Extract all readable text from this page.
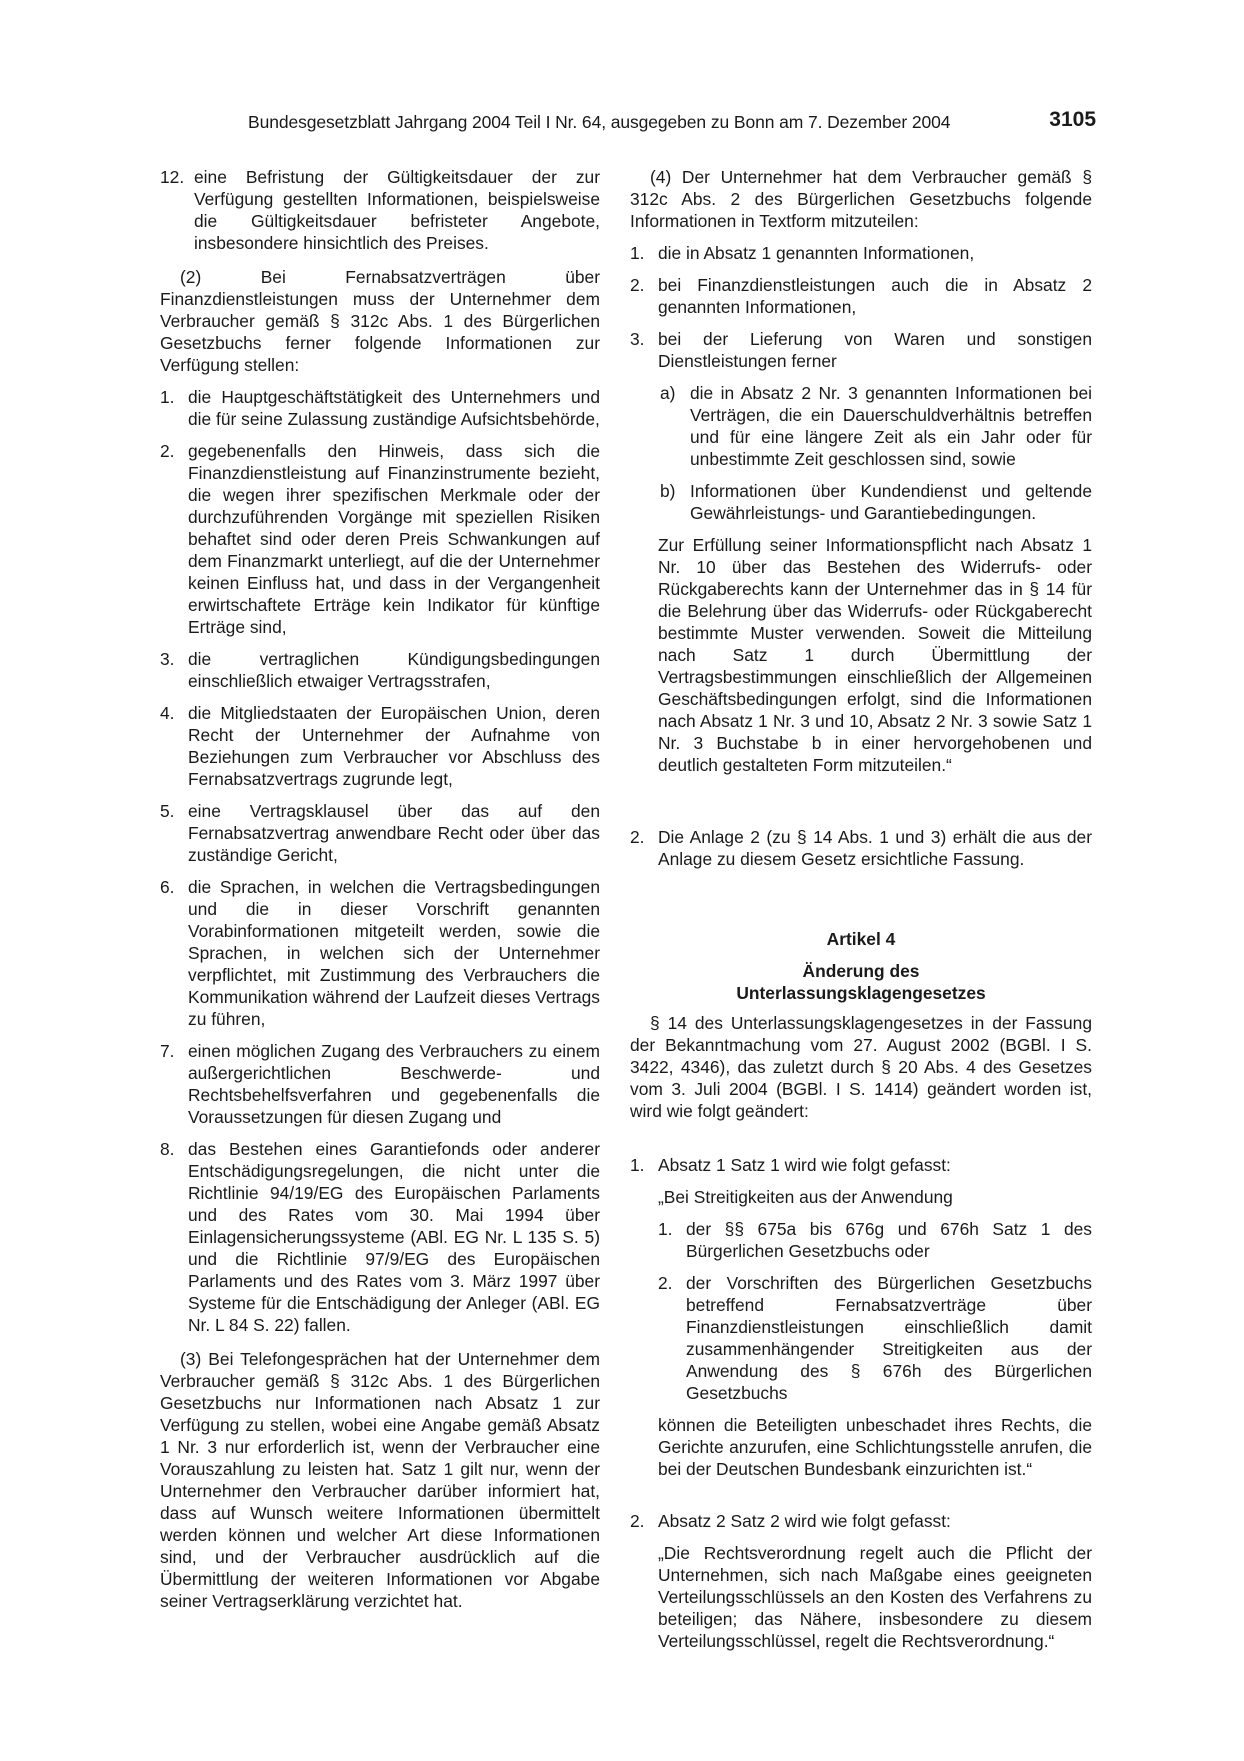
Bundesgesetzblatt Jahrgang 2004 Teil I Nr. 64, ausgegeben zu Bonn am 7. Dezember 2004	3105
12. eine Befristung der Gültigkeitsdauer der zur Verfügung gestellten Informationen, beispielsweise die Gültigkeitsdauer befristeter Angebote, insbesondere hinsichtlich des Preises.

(2) Bei Fernabsatzverträgen über Finanzdienstleistungen muss der Unternehmer dem Verbraucher gemäß § 312c Abs. 1 des Bürgerlichen Gesetzbuchs ferner folgende Informationen zur Verfügung stellen:

1. die Hauptgeschäftstätigkeit des Unternehmers und die für seine Zulassung zuständige Aufsichtsbehörde,

2. gegebenenfalls den Hinweis, dass sich die Finanzdienstleistung auf Finanzinstrumente bezieht, die wegen ihrer spezifischen Merkmale oder der durchzuführenden Vorgänge mit speziellen Risiken behaftet sind oder deren Preis Schwankungen auf dem Finanzmarkt unterliegt, auf die der Unternehmer keinen Einfluss hat, und dass in der Vergangenheit erwirtschaftete Erträge kein Indikator für künftige Erträge sind,

3. die vertraglichen Kündigungsbedingungen einschließlich etwaiger Vertragsstrafen,

4. die Mitgliedstaaten der Europäischen Union, deren Recht der Unternehmer der Aufnahme von Beziehungen zum Verbraucher vor Abschluss des Fernabsatzvertrags zugrunde legt,

5. eine Vertragsklausel über das auf den Fernabsatzvertrag anwendbare Recht oder über das zuständige Gericht,

6. die Sprachen, in welchen die Vertragsbedingungen und die in dieser Vorschrift genannten Vorabinformationen mitgeteilt werden, sowie die Sprachen, in welchen sich der Unternehmer verpflichtet, mit Zustimmung des Verbrauchers die Kommunikation während der Laufzeit dieses Vertrags zu führen,

7. einen möglichen Zugang des Verbrauchers zu einem außergerichtlichen Beschwerde- und Rechtsbehelfsverfahren und gegebenenfalls die Voraussetzungen für diesen Zugang und

8. das Bestehen eines Garantiefonds oder anderer Entschädigungsregelungen, die nicht unter die Richtlinie 94/19/EG des Europäischen Parlaments und des Rates vom 30. Mai 1994 über Einlagensicherungssysteme (ABl. EG Nr. L 135 S. 5) und die Richtlinie 97/9/EG des Europäischen Parlaments und des Rates vom 3. März 1997 über Systeme für die Entschädigung der Anleger (ABl. EG Nr. L 84 S. 22) fallen.

(3) Bei Telefongesprächen hat der Unternehmer dem Verbraucher gemäß § 312c Abs. 1 des Bürgerlichen Gesetzbuchs nur Informationen nach Absatz 1 zur Verfügung zu stellen, wobei eine Angabe gemäß Absatz 1 Nr. 3 nur erforderlich ist, wenn der Verbraucher eine Vorauszahlung zu leisten hat. Satz 1 gilt nur, wenn der Unternehmer den Verbraucher darüber informiert hat, dass auf Wunsch weitere Informationen übermittelt werden können und welcher Art diese Informationen sind, und der Verbraucher ausdrücklich auf die Übermittlung der weiteren Informationen vor Abgabe seiner Vertragserklärung verzichtet hat.

(4) Der Unternehmer hat dem Verbraucher gemäß § 312c Abs. 2 des Bürgerlichen Gesetzbuchs folgende Informationen in Textform mitzuteilen:

1. die in Absatz 1 genannten Informationen,

2. bei Finanzdienstleistungen auch die in Absatz 2 genannten Informationen,

3. bei der Lieferung von Waren und sonstigen Dienstleistungen ferner

a) die in Absatz 2 Nr. 3 genannten Informationen bei Verträgen, die ein Dauerschuldverhältnis betreffen und für eine längere Zeit als ein Jahr oder für unbestimmte Zeit geschlossen sind, sowie

b) Informationen über Kundendienst und geltende Gewährleistungs- und Garantiebedingungen.

Zur Erfüllung seiner Informationspflicht nach Absatz 1 Nr. 10 über das Bestehen des Widerrufs- oder Rückgaberechts kann der Unternehmer das in § 14 für die Belehrung über das Widerrufs- oder Rückgaberecht bestimmte Muster verwenden. Soweit die Mitteilung nach Satz 1 durch Übermittlung der Vertragsbestimmungen einschließlich der Allgemeinen Geschäftsbedingungen erfolgt, sind die Informationen nach Absatz 1 Nr. 3 und 10, Absatz 2 Nr. 3 sowie Satz 1 Nr. 3 Buchstabe b in einer hervorgehobenen und deutlich gestalteten Form mitzuteilen.“

2. Die Anlage 2 (zu § 14 Abs. 1 und 3) erhält die aus der Anlage zu diesem Gesetz ersichtliche Fassung.

Artikel 4
Änderung des
Unterlassungsklagengesetzes

§ 14 des Unterlassungsklagengesetzes in der Fassung der Bekanntmachung vom 27. August 2002 (BGBl. I S. 3422, 4346), das zuletzt durch § 20 Abs. 4 des Gesetzes vom 3. Juli 2004 (BGBl. I S. 1414) geändert worden ist, wird wie folgt geändert:

1. Absatz 1 Satz 1 wird wie folgt gefasst:

„Bei Streitigkeiten aus der Anwendung

1. der §§ 675a bis 676g und 676h Satz 1 des Bürgerlichen Gesetzbuchs oder

2. der Vorschriften des Bürgerlichen Gesetzbuchs betreffend Fernabsatzverträge über Finanzdienstleistungen einschließlich damit zusammenhängender Streitigkeiten aus der Anwendung des § 676h des Bürgerlichen Gesetzbuchs

können die Beteiligten unbeschadet ihres Rechts, die Gerichte anzurufen, eine Schlichtungsstelle anrufen, die bei der Deutschen Bundesbank einzurichten ist.“

2. Absatz 2 Satz 2 wird wie folgt gefasst:

„Die Rechtsverordnung regelt auch die Pflicht der Unternehmen, sich nach Maßgabe eines geeigneten Verteilungsschlüssels an den Kosten des Verfahrens zu beteiligen; das Nähere, insbesondere zu diesem Verteilungsschlüssel, regelt die Rechtsverordnung.“
